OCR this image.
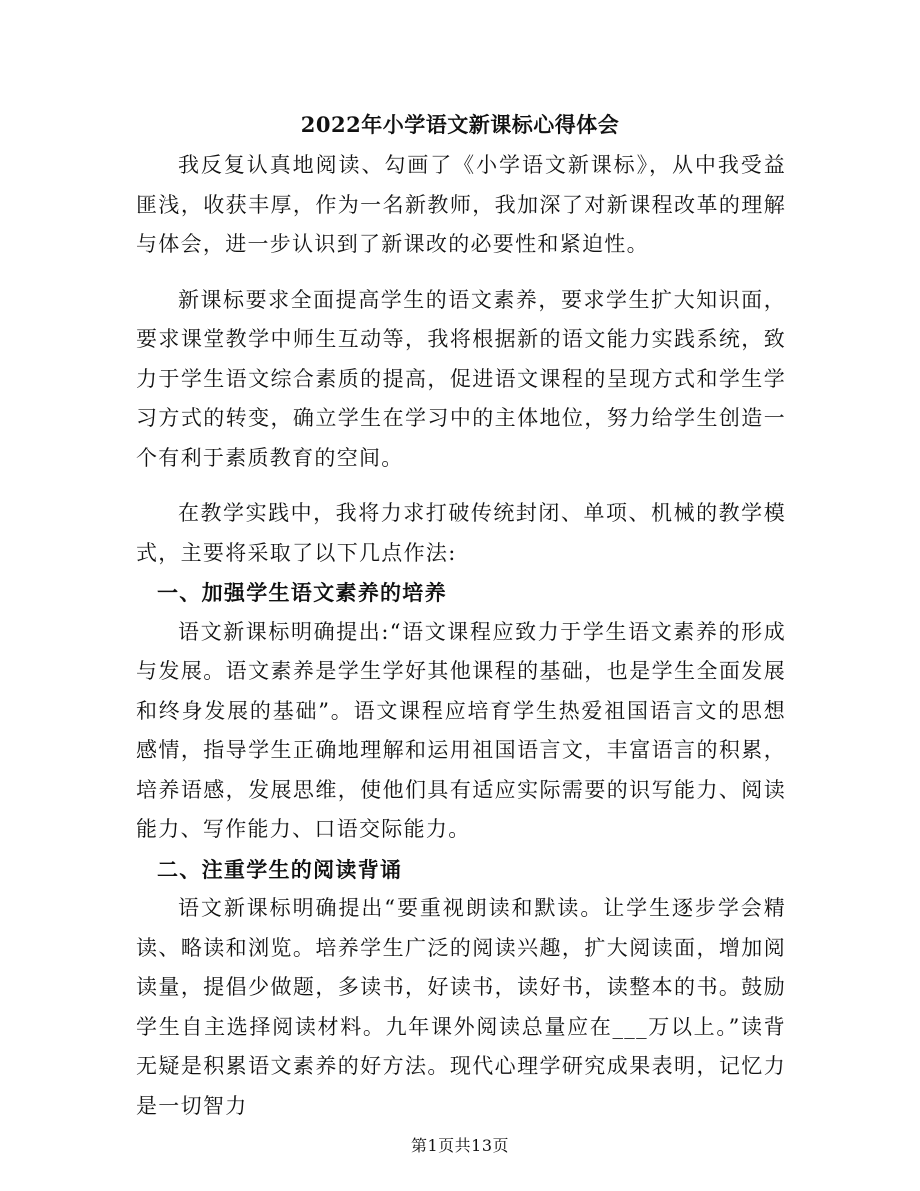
2022年小学语文新课标心得体会

我反复认真地阅读、勾画了《小学语文新课标》，从中我受益匪浅，收获丰厚，作为一名新教师，我加深了对新课程改革的理解与体会，进一步认识到了新课改的必要性和紧迫性。

新课标要求全面提高学生的语文素养，要求学生扩大知识面，要求课堂教学中师生互动等，我将根据新的语文能力实践系统，致力于学生语文综合素质的提高，促进语文课程的呈现方式和学生学习方式的转变，确立学生在学习中的主体地位，努力给学生创造一个有利于素质教育的空间。

在教学实践中，我将力求打破传统封闭、单项、机械的教学模式，主要将采取了以下几点作法:

一、加强学生语文素养的培养

语文新课标明确提出:“语文课程应致力于学生语文素养的形成与发展。语文素养是学生学好其他课程的基础，也是学生全面发展和终身发展的基础”。语文课程应培育学生热爱祖国语言文的思想感情，指导学生正确地理解和运用祖国语言文，丰富语言的积累，培养语感，发展思维，使他们具有适应实际需要的识写能力、阅读能力、写作能力、口语交际能力。

二、注重学生的阅读背诵

语文新课标明确提出“要重视朗读和默读。让学生逐步学会精读、略读和浏览。培养学生广泛的阅读兴趣，扩大阅读面，增加阅读量，提倡少做题，多读书，好读书，读好书，读整本的书。鼓励学生自主选择阅读材料。九年课外阅读总量应在___万以上。”读背无疑是积累语文素养的好方法。现代心理学研究成果表明，记忆力是一切智力

第1页共13页
